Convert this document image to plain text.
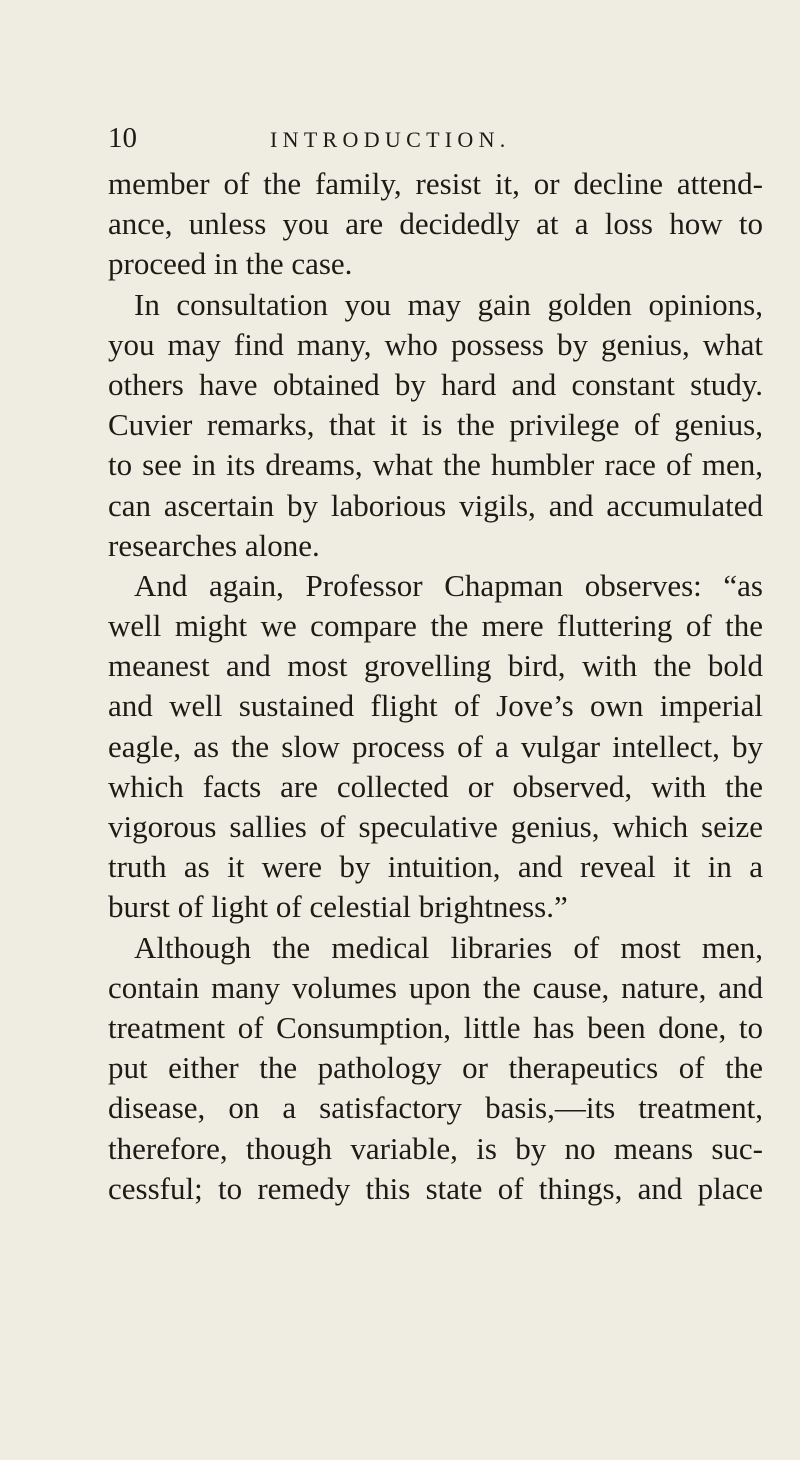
10	INTRODUCTION.
member of the family, resist it, or decline attend-
ance, unless you are decidedly at a loss how to
proceed in the case.
In consultation you may gain golden opinions,
you may find many, who possess by genius, what
others have obtained by hard and constant study.
Cuvier remarks, that it is the privilege of genius,
to see in its dreams, what the humbler race of men,
can ascertain by laborious vigils, and accumulated
researches alone.
And again, Professor Chapman observes: “as
well might we compare the mere fluttering of the
meanest and most grovelling bird, with the bold
and well sustained flight of Jove’s own imperial
eagle, as the slow process of a vulgar intellect, by
which facts are collected or observed, with the
vigorous sallies of speculative genius, which seize
truth as it were by intuition, and reveal it in a
burst of light of celestial brightness.”
Although the medical libraries of most men,
contain many volumes upon the cause, nature, and
treatment of Consumption, little has been done, to
put either the pathology or therapeutics of the
disease, on a satisfactory basis,—its treatment,
therefore, though variable, is by no means suc-
cessful; to remedy this state of things, and place
